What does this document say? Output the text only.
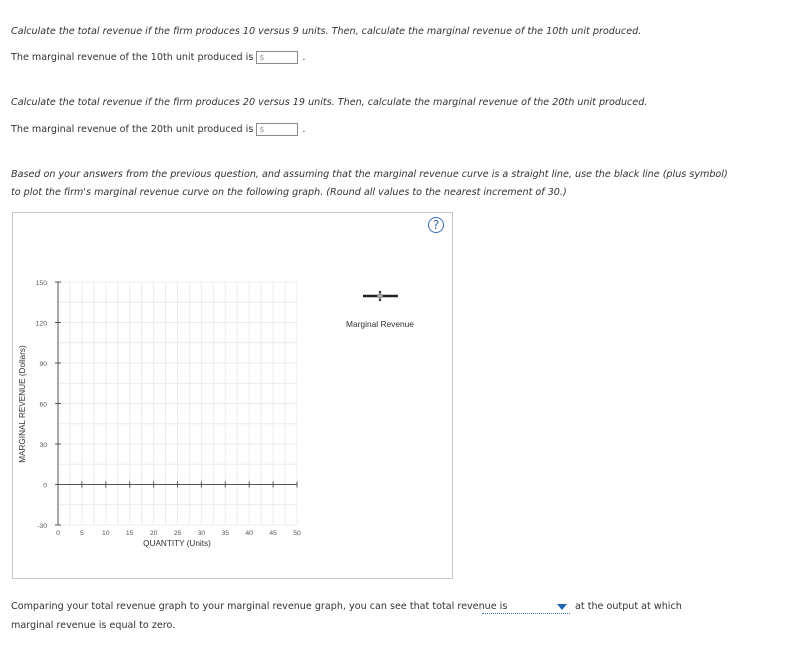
Calculate the total revenue if the firm produces 10 versus 9 units. Then, calculate the marginal revenue of the 10th unit produced.
The marginal revenue of the 10th unit produced is $	.
Calculate the total revenue if the firm produces 20 versus 19 units. Then, calculate the marginal revenue of the 20th unit produced.
The marginal revenue of the 20th unit produced is $	.
Based on your answers from the previous question, and assuming that the marginal revenue curve is a straight line, use the black line (plus symbol)
to plot the firm's marginal revenue curve on the following graph. (Round all values to the nearest increment of 30.)
?
150
120
90
60
30
0
-30
0	5	10 15 20 25 30 35 40 45 50
QUANTITY (Units)
MARGINAL REVENUE (Dollars)
Marginal Revenue
Comparing your total revenue graph to your marginal revenue graph, you can see that total revenue is	at the output at which
marginal revenue is equal to zero.
